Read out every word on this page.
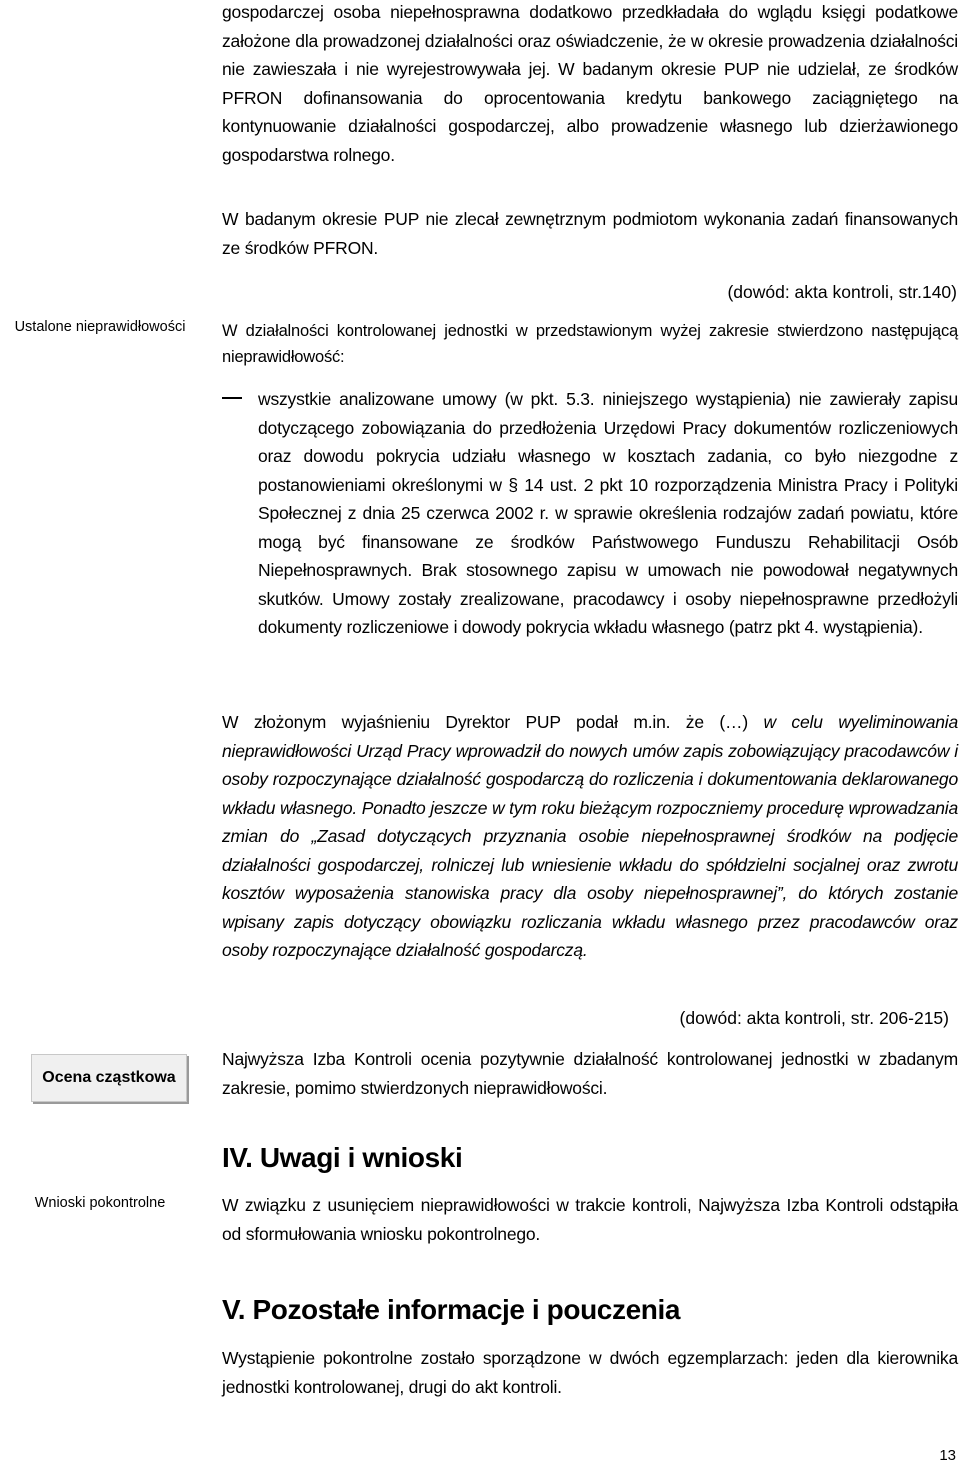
gospodarczej osoba niepełnosprawna dodatkowo przedkładała do wglądu księgi podatkowe założone dla prowadzonej działalności oraz oświadczenie, że w okresie prowadzenia działalności nie zawieszała i nie wyrejestrowywała jej. W badanym okresie PUP nie udzielał, ze środków PFRON dofinansowania do oprocentowania kredytu bankowego zaciągniętego na kontynuowanie działalności gospodarczej, albo prowadzenie własnego lub dzierżawionego gospodarstwa rolnego.

W badanym okresie PUP nie zlecał zewnętrznym podmiotom wykonania zadań finansowanych ze środków PFRON.

(dowód: akta kontroli, str.140)

Ustalone nieprawidłowości	W działalności kontrolowanej jednostki w przedstawionym wyżej zakresie stwierdzono następującą nieprawidłowość:

wszystkie analizowane umowy (w pkt. 5.3. niniejszego wystąpienia) nie zawierały zapisu dotyczącego zobowiązania do przedłożenia Urzędowi Pracy dokumentów rozliczeniowych oraz dowodu pokrycia udziału własnego w kosztach zadania, co było niezgodne z postanowieniami określonymi w § 14 ust. 2 pkt 10 rozporządzenia Ministra Pracy i Polityki Społecznej z dnia 25 czerwca 2002 r. w sprawie określenia rodzajów zadań powiatu, które mogą być finansowane ze środków Państwowego Funduszu Rehabilitacji Osób Niepełnosprawnych. Brak stosownego zapisu w umowach nie powodował negatywnych skutków. Umowy zostały zrealizowane, pracodawcy i osoby niepełnosprawne przedłożyli dokumenty rozliczeniowe i dowody pokrycia wkładu własnego (patrz pkt 4. wystąpienia).

W złożonym wyjaśnieniu Dyrektor PUP podał m.in. że (…) w celu wyeliminowania nieprawidłowości Urząd Pracy wprowadził do nowych umów zapis zobowiązujący pracodawców i osoby rozpoczynające działalność gospodarczą do rozliczenia i dokumentowania deklarowanego wkładu własnego. Ponadto jeszcze w tym roku bieżącym rozpoczniemy procedurę wprowadzania zmian do „Zasad dotyczących przyznania osobie niepełnosprawnej środków na podjęcie działalności gospodarczej, rolniczej lub wniesienie wkładu do spółdzielni socjalnej oraz zwrotu kosztów wyposażenia stanowiska pracy dla osoby niepełnosprawnej”, do których zostanie wpisany zapis dotyczący obowiązku rozliczania wkładu własnego przez pracodawców oraz osoby rozpoczynające działalność gospodarczą.

(dowód: akta kontroli, str. 206-215)

Ocena cząstkowa

Najwyższa Izba Kontroli ocenia pozytywnie działalność kontrolowanej jednostki w zbadanym zakresie, pomimo stwierdzonych nieprawidłowości.

IV. Uwagi i wnioski

Wnioski pokontrolne	W związku z usunięciem nieprawidłowości w trakcie kontroli, Najwyższa Izba Kontroli odstąpiła od sformułowania wniosku pokontrolnego.

V. Pozostałe informacje i pouczenia

Wystąpienie pokontrolne zostało sporządzone w dwóch egzemplarzach: jeden dla kierownika jednostki kontrolowanej, drugi do akt kontroli.

13
